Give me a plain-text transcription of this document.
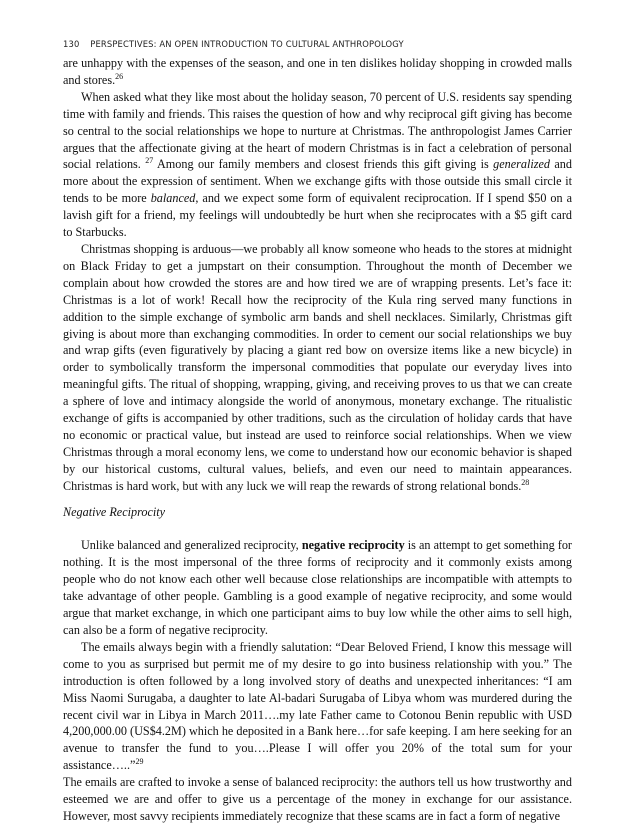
130 PERSPECTIVES: AN OPEN INTRODUCTION TO CULTURAL ANTHROPOLOGY

are unhappy with the expenses of the season, and one in ten dislikes holiday shopping in crowded malls and stores.$^{26}$

When asked what they like most about the holiday season, 70 percent of U.S. residents say spending time with family and friends. This raises the question of how and why reciprocal gift giving has become so central to the social relationships we hope to nurture at Christmas. The anthropologist James Carrier argues that the affectionate giving at the heart of modern Christmas is in fact a celebration of personal social relations. $^{27}$ Among our family members and closest friends this gift giving is generalized and more about the expression of sentiment. When we exchange gifts with those outside this small circle it tends to be more balanced, and we expect some form of equivalent reciprocation. If I spend $50 on a lavish gift for a friend, my feelings will undoubtedly be hurt when she reciprocates with a $5 gift card to Starbucks.

Christmas shopping is arduous—we probably all know someone who heads to the stores at midnight on Black Friday to get a jumpstart on their consumption. Throughout the month of December we complain about how crowded the stores are and how tired we are of wrapping presents. Let’s face it: Christmas is a lot of work! Recall how the reciprocity of the Kula ring served many functions in addition to the simple exchange of symbolic arm bands and shell necklaces. Similarly, Christmas gift giving is about more than exchanging commodities. In order to cement our social relationships we buy and wrap gifts (even figuratively by placing a giant red bow on oversize items like a new bicycle) in order to symbolically transform the impersonal commodities that populate our everyday lives into meaningful gifts. The ritual of shopping, wrapping, giving, and receiving proves to us that we can create a sphere of love and intimacy alongside the world of anonymous, monetary exchange. The ritualistic exchange of gifts is accompanied by other traditions, such as the circulation of holiday cards that have no economic or practical value, but instead are used to reinforce social relationships. When we view Christmas through a moral economy lens, we come to understand how our economic behavior is shaped by our historical customs, cultural values, beliefs, and even our need to maintain appearances. Christmas is hard work, but with any luck we will reap the rewards of strong relational bonds.$^{28}$

Negative Reciprocity

Unlike balanced and generalized reciprocity, negative reciprocity is an attempt to get something for nothing. It is the most impersonal of the three forms of reciprocity and it commonly exists among people who do not know each other well because close relationships are incompatible with attempts to take advantage of other people. Gambling is a good example of negative reciprocity, and some would argue that market exchange, in which one participant aims to buy low while the other aims to sell high, can also be a form of negative reciprocity.

The emails always begin with a friendly salutation: “Dear Beloved Friend, I know this message will come to you as surprised but permit me of my desire to go into business relationship with you.” The introduction is often followed by a long involved story of deaths and unexpected inheritances: “I am Miss Naomi Surugaba, a daughter to late Al-badari Surugaba of Libya whom was murdered during the recent civil war in Libya in March 2011….my late Father came to Cotonou Benin republic with USD 4,200,000.00 (US$4.2M) which he deposited in a Bank here…for safe keeping. I am here seeking for an avenue to transfer the fund to you….Please I will offer you 20% of the total sum for your assistance…..”$^{29}$

The emails are crafted to invoke a sense of balanced reciprocity: the authors tell us how trustworthy and esteemed we are and offer to give us a percentage of the money in exchange for our assistance. However, most savvy recipients immediately recognize that these scams are in fact a form of negative
